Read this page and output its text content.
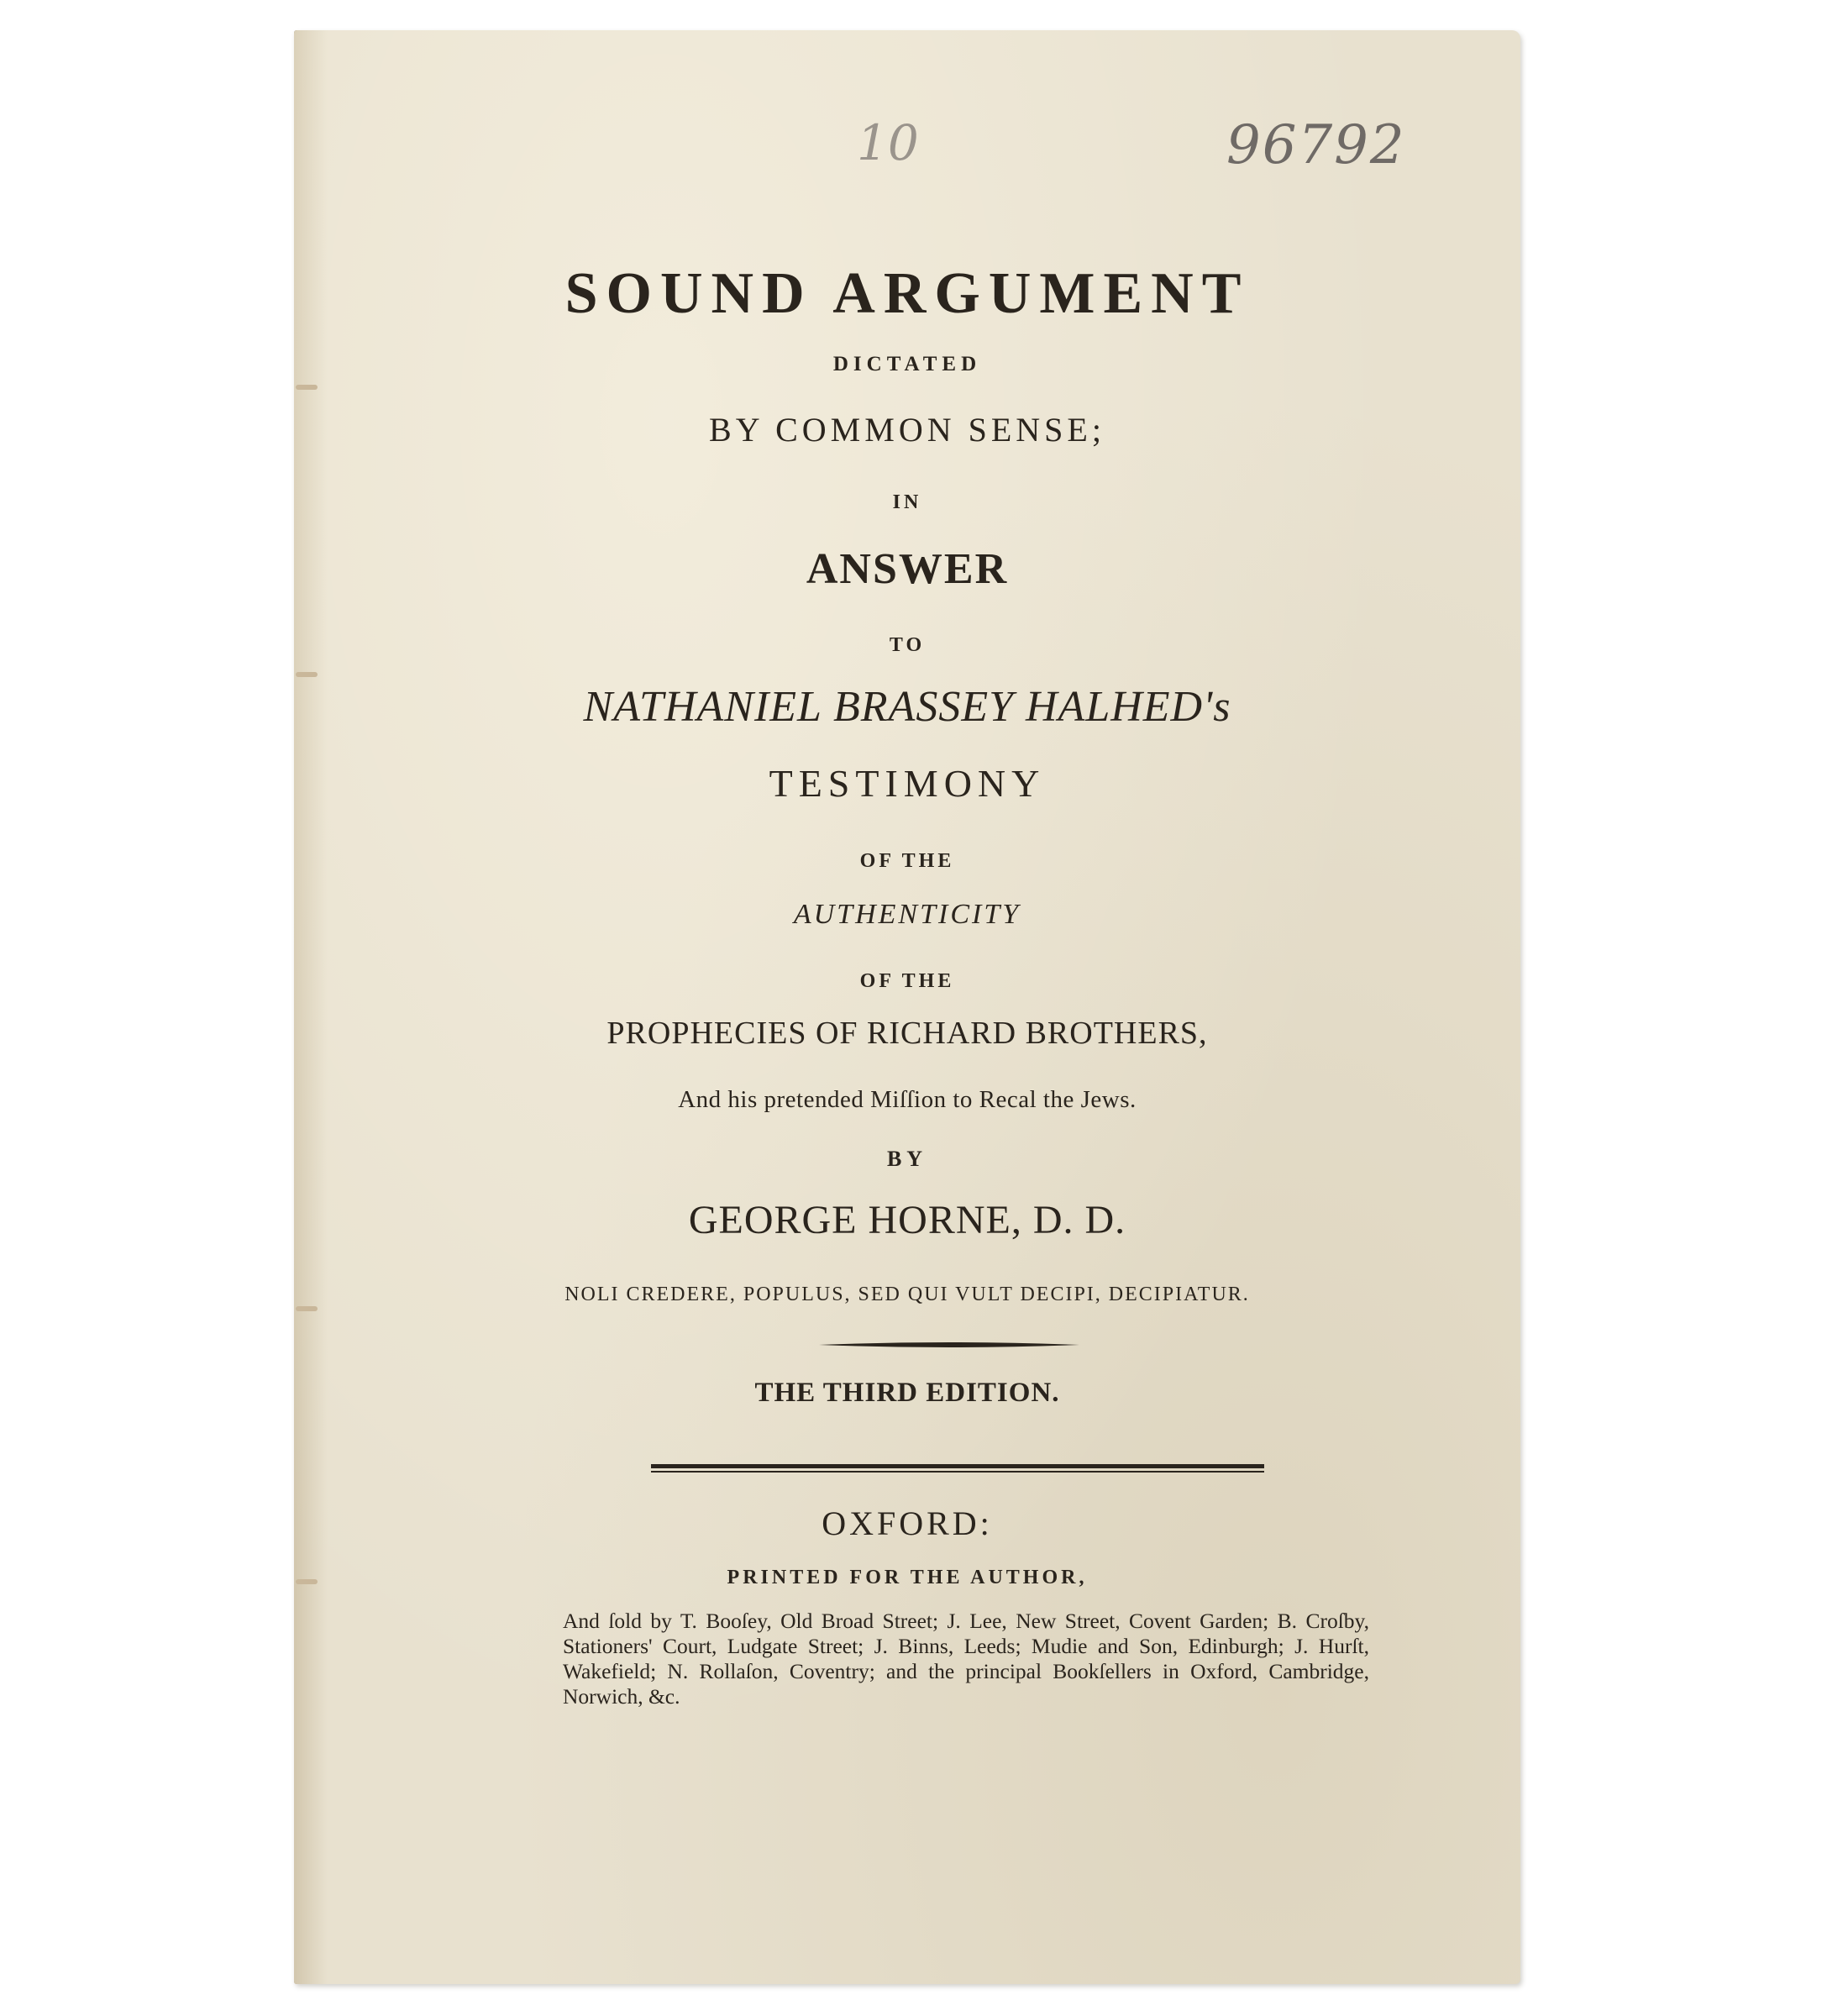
10	96792
SOUND ARGUMENT
DICTATED
BY COMMON SENSE;
IN
ANSWER
TO
NATHANIEL BRASSEY HALHED's
TESTIMONY
OF THE
AUTHENTICITY
OF THE
PROPHECIES OF RICHARD BROTHERS,
And his pretended Miſſion to Recal the Jews.
BY
GEORGE HORNE, D. D.
NOLI CREDERE, POPULUS, SED QUI VULT DECIPI, DECIPIATUR.
THE THIRD EDITION.
OXFORD:
PRINTED FOR THE AUTHOR,
And ſold by T. Booſey, Old Broad Street; J. Lee, New Street, Covent Garden; B. Croſby, Stationers' Court, Ludgate Street; J. Binns, Leeds; Mudie and Son, Edinburgh; J. Hurſt, Wakefield; N. Rollaſon, Coventry; and the principal Bookſellers in Oxford, Cambridge, Norwich, &c.
